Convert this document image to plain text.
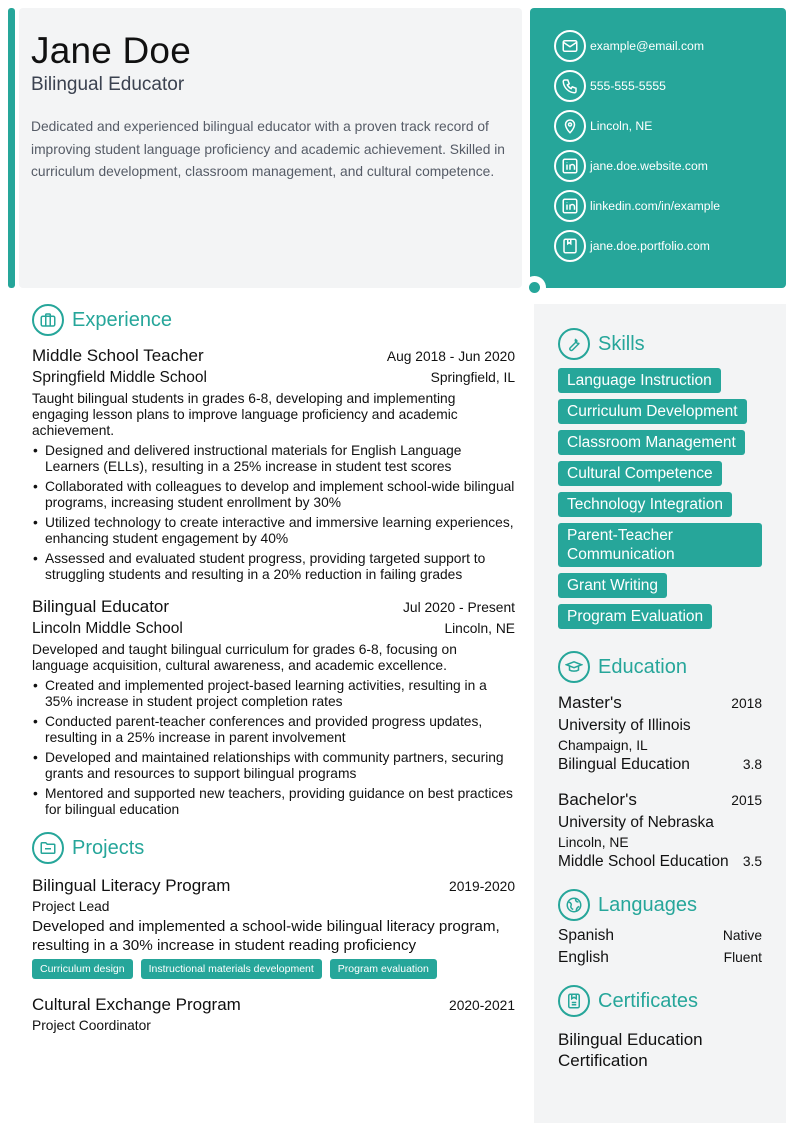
Jane Doe
Bilingual Educator
Dedicated and experienced bilingual educator with a proven track record of improving student language proficiency and academic achievement. Skilled in curriculum development, classroom management, and cultural competence.
example@email.com
555-555-5555
Lincoln, NE
jane.doe.website.com
linkedin.com/in/example
jane.doe.portfolio.com
Experience
Middle School Teacher	Aug 2018 - Jun 2020
Springfield Middle School	Springfield, IL
Taught bilingual students in grades 6-8, developing and implementing engaging lesson plans to improve language proficiency and academic achievement.
• Designed and delivered instructional materials for English Language Learners (ELLs), resulting in a 25% increase in student test scores
• Collaborated with colleagues to develop and implement school-wide bilingual programs, increasing student enrollment by 30%
• Utilized technology to create interactive and immersive learning experiences, enhancing student engagement by 40%
• Assessed and evaluated student progress, providing targeted support to struggling students and resulting in a 20% reduction in failing grades
Bilingual Educator	Jul 2020 - Present
Lincoln Middle School	Lincoln, NE
Developed and taught bilingual curriculum for grades 6-8, focusing on language acquisition, cultural awareness, and academic excellence.
• Created and implemented project-based learning activities, resulting in a 35% increase in student project completion rates
• Conducted parent-teacher conferences and provided progress updates, resulting in a 25% increase in parent involvement
• Developed and maintained relationships with community partners, securing grants and resources to support bilingual programs
• Mentored and supported new teachers, providing guidance on best practices for bilingual education
Projects
Bilingual Literacy Program	2019-2020
Project Lead
Developed and implemented a school-wide bilingual literacy program, resulting in a 30% increase in student reading proficiency
Curriculum design	Instructional materials development	Program evaluation
Cultural Exchange Program	2020-2021
Project Coordinator
Skills
Language Instruction
Curriculum Development
Classroom Management
Cultural Competence
Technology Integration
Parent-Teacher Communication
Grant Writing
Program Evaluation
Education
Master's	2018
University of Illinois
Champaign, IL
Bilingual Education	3.8
Bachelor's	2015
University of Nebraska
Lincoln, NE
Middle School Education 3.5
Languages
Spanish	Native
English	Fluent
Certificates
Bilingual Education Certification
